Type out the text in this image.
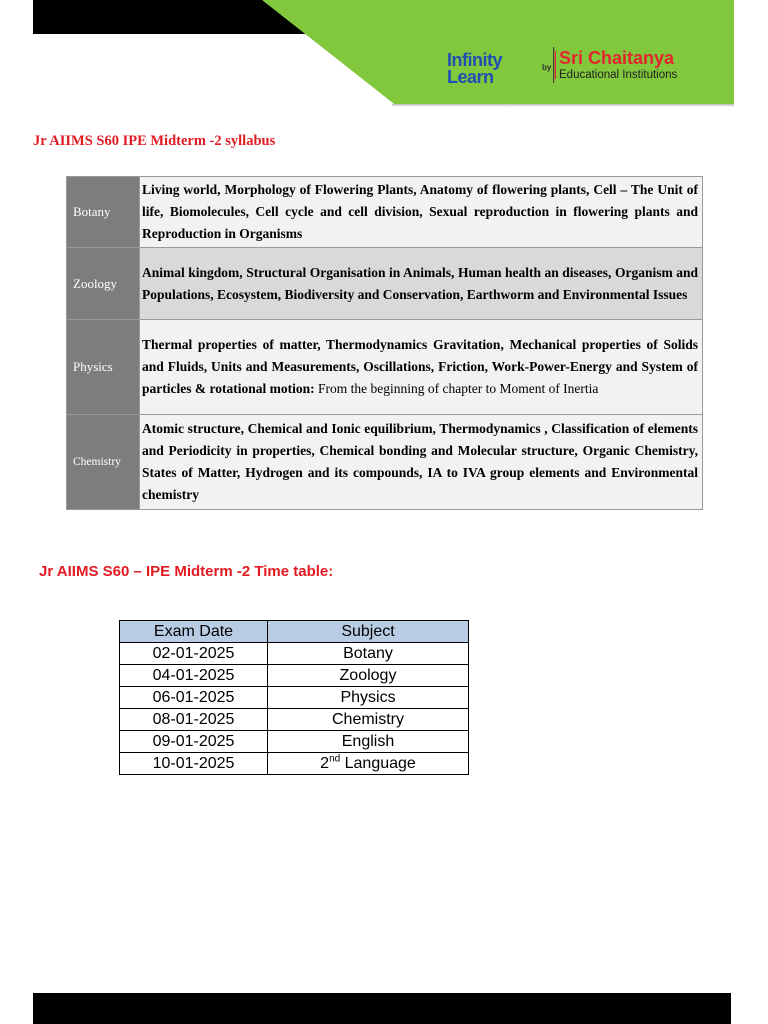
Infinity
Learn	by Sri Chaitanya
Educational Institutions
Jr AIIMS S60 IPE Midterm -2 syllabus
Botany	Living world, Morphology of Flowering Plants, Anatomy of flowering plants, Cell – The Unit of life, Biomolecules, Cell cycle and cell division, Sexual reproduction in flowering plants and Reproduction in Organisms
Zoology	Animal kingdom, Structural Organisation in Animals, Human health an diseases, Organism and Populations, Ecosystem, Biodiversity and Conservation, Earthworm and Environmental Issues
Physics	Thermal properties of matter, Thermodynamics Gravitation, Mechanical properties of Solids and Fluids, Units and Measurements, Oscillations, Friction, Work-Power-Energy and System of particles & rotational motion: From the beginning of chapter to Moment of Inertia
Chemistry	Atomic structure, Chemical and Ionic equilibrium, Thermodynamics , Classification of elements and Periodicity in properties, Chemical bonding and Molecular structure, Organic Chemistry, States of Matter, Hydrogen and its compounds, IA to IVA group elements and Environmental chemistry
Jr AIIMS S60 – IPE Midterm -2 Time table:
Exam Date	Subject
02-01-2025	Botany
04-01-2025	Zoology
06-01-2025	Physics
08-01-2025	Chemistry
09-01-2025	English
10-01-2025	2nd Language
